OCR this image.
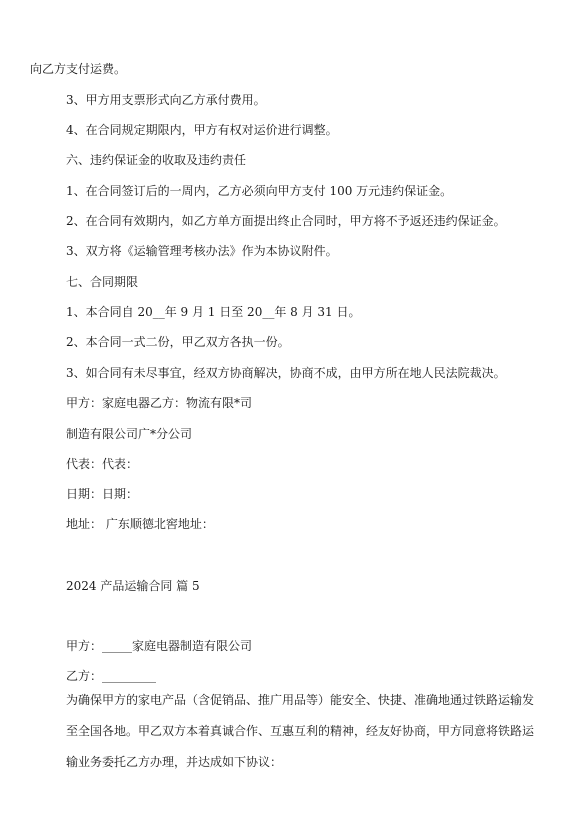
向乙方支付运费。
3、甲方用支票形式向乙方承付费用。
4、在合同规定期限内，甲方有权对运价进行调整。
六、违约保证金的收取及违约责任
1、在合同签订后的一周内，乙方必须向甲方支付 100 万元违约保证金。
2、在合同有效期内，如乙方单方面提出终止合同时，甲方将不予返还违约保证金。
3、双方将《运输管理考核办法》作为本协议附件。
七、合同期限
1、本合同自 20__年 9 月 1 日至 20__年 8 月 31 日。
2、本合同一式二份，甲乙双方各执一份。
3、如合同有未尽事宜，经双方协商解决，协商不成，由甲方所在地人民法院裁决。
甲方：家庭电器乙方：物流有限*司
制造有限公司广*分公司
代表：代表：
日期：日期：
地址： 广东顺德北窖地址：
2024 产品运输合同 篇 5
甲方：_____家庭电器制造有限公司
乙方：_________
为确保甲方的家电产品（含促销品、推广用品等）能安全、快捷、准确地通过铁路运输发至全国各地。甲乙双方本着真诚合作、互惠互利的精神，经友好协商，甲方同意将铁路运输业务委托乙方办理，并达成如下协议：
